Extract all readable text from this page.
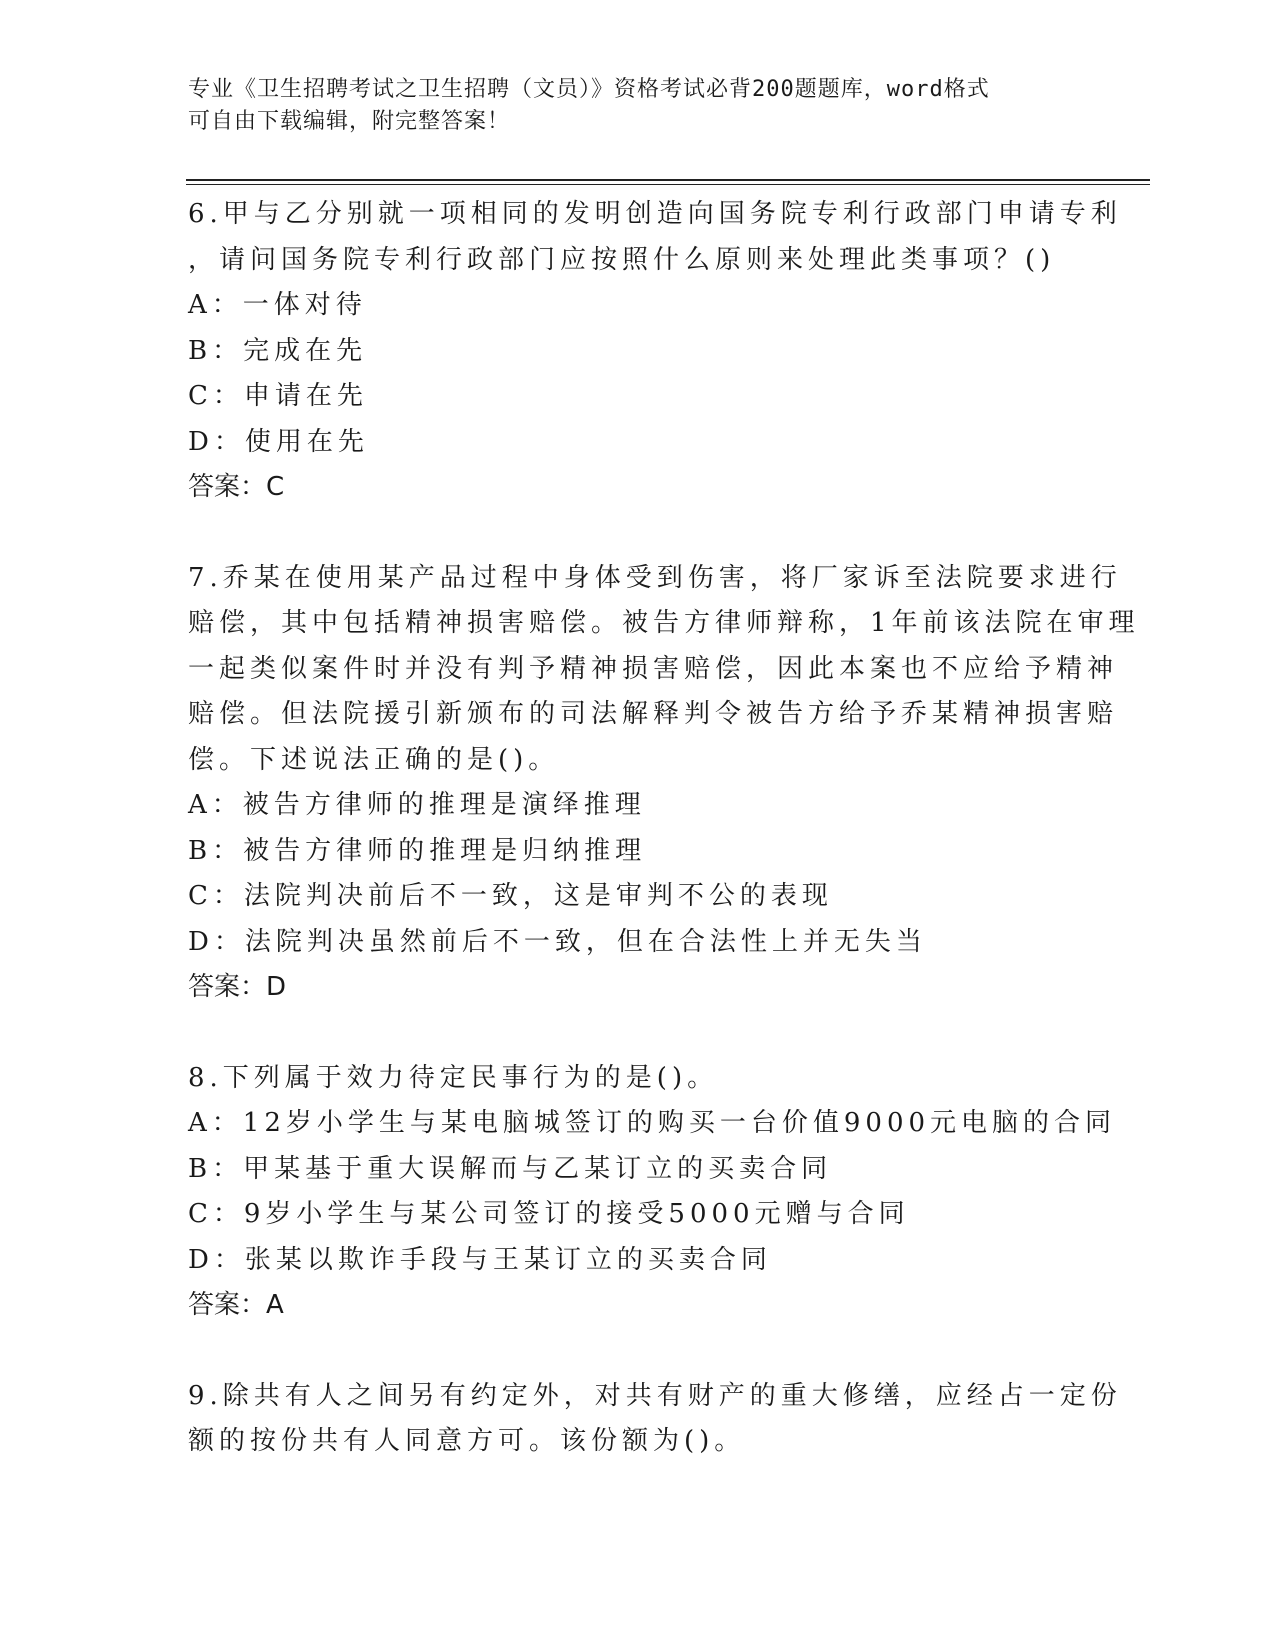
专业《卫生招聘考试之卫生招聘（文员）》资格考试必背200题题库，word格式
可自由下载编辑，附完整答案！
6.甲与乙分别就一项相同的发明创造向国务院专利行政部门申请专利
，请问国务院专利行政部门应按照什么原则来处理此类事项？()
A：一体对待
B：完成在先
C：申请在先
D：使用在先
答案：C
7.乔某在使用某产品过程中身体受到伤害，将厂家诉至法院要求进行
赔偿，其中包括精神损害赔偿。被告方律师辩称，1年前该法院在审理
一起类似案件时并没有判予精神损害赔偿，因此本案也不应给予精神
赔偿。但法院援引新颁布的司法解释判令被告方给予乔某精神损害赔
偿。下述说法正确的是()。
A：被告方律师的推理是演绎推理
B：被告方律师的推理是归纳推理
C：法院判决前后不一致，这是审判不公的表现
D：法院判决虽然前后不一致，但在合法性上并无失当
答案：D
8.下列属于效力待定民事行为的是()。
A：12岁小学生与某电脑城签订的购买一台价值9000元电脑的合同
B：甲某基于重大误解而与乙某订立的买卖合同
C：9岁小学生与某公司签订的接受5000元赠与合同
D：张某以欺诈手段与王某订立的买卖合同
答案：A
9.除共有人之间另有约定外，对共有财产的重大修缮，应经占一定份
额的按份共有人同意方可。该份额为()。
